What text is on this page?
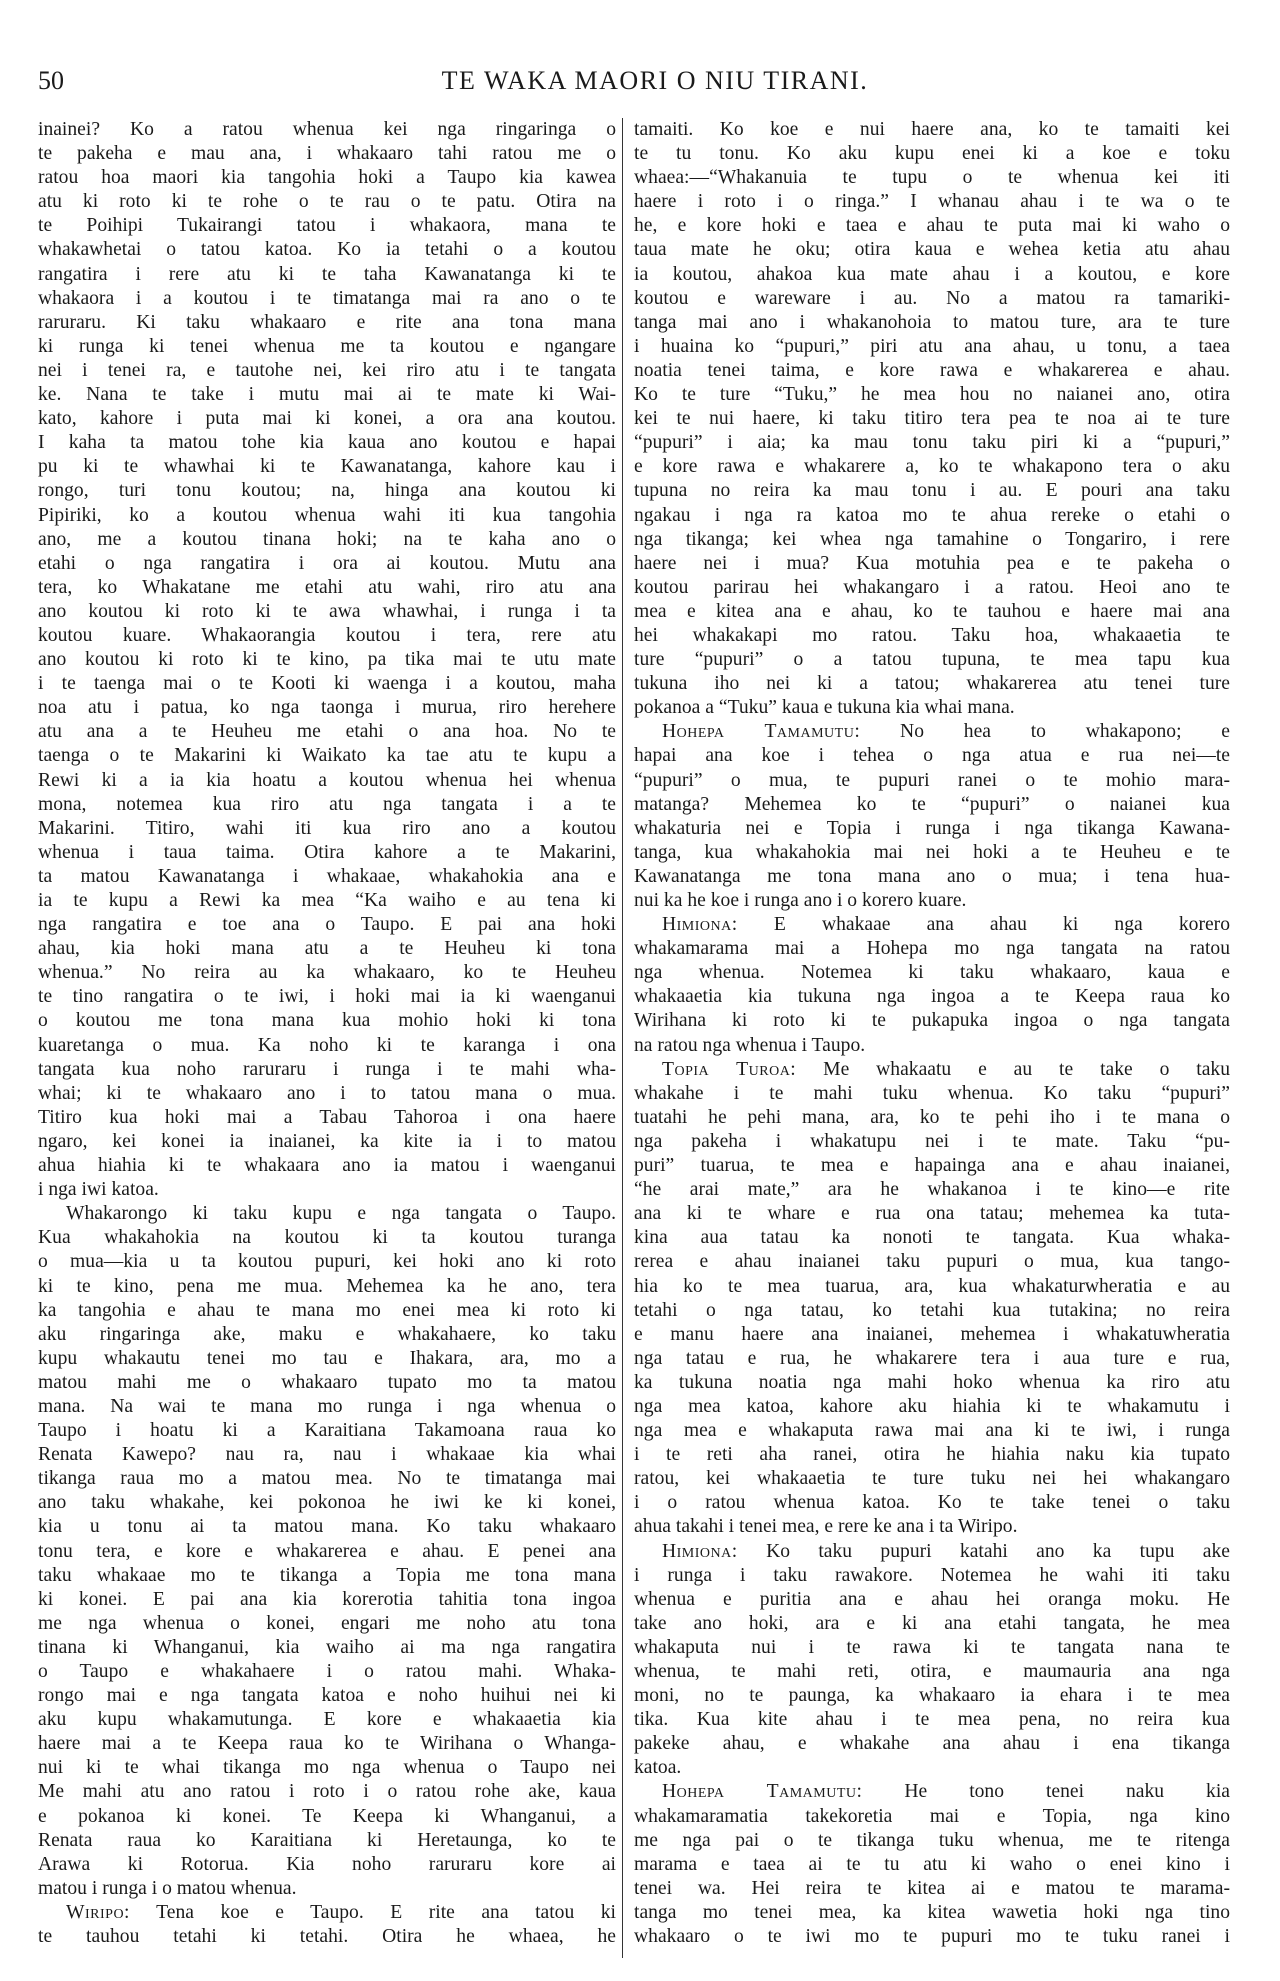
50	TE WAKA MAORI O NIU TIRANI.
inainei? Ko a ratou whenua kei nga ringaringa o
te pakeha e mau ana, i whakaaro tahi ratou me o
ratou hoa maori kia tangohia hoki a Taupo kia kawea
atu ki roto ki te rohe o te rau o te patu. Otira na
te Poihipi Tukairangi tatou i whakaora, mana te
whakawhetai o tatou katoa. Ko ia tetahi o a koutou
rangatira i rere atu ki te taha Kawanatanga ki te
whakaora i a koutou i te timatanga mai ra ano o te
raruraru. Ki taku whakaaro e rite ana tona mana
ki runga ki tenei whenua me ta koutou e ngangare
nei i tenei ra, e tautohe nei, kei riro atu i te tangata
ke. Nana te take i mutu mai ai te mate ki Wai-
kato, kahore i puta mai ki konei, a ora ana koutou.
I kaha ta matou tohe kia kaua ano koutou e hapai
pu ki te whawhai ki te Kawanatanga, kahore kau i
rongo, turi tonu koutou; na, hinga ana koutou ki
Pipiriki, ko a koutou whenua wahi iti kua tangohia
ano, me a koutou tinana hoki; na te kaha ano o
etahi o nga rangatira i ora ai koutou. Mutu ana
tera, ko Whakatane me etahi atu wahi, riro atu ana
ano koutou ki roto ki te awa whawhai, i runga i ta
koutou kuare. Whakaorangia koutou i tera, rere atu
ano koutou ki roto ki te kino, pa tika mai te utu mate
i te taenga mai o te Kooti ki waenga i a koutou, maha
noa atu i patua, ko nga taonga i murua, riro herehere
atu ana a te Heuheu me etahi o ana hoa. No te
taenga o te Makarini ki Waikato ka tae atu te kupu a
Rewi ki a ia kia hoatu a koutou whenua hei whenua
mona, notemea kua riro atu nga tangata i a te
Makarini. Titiro, wahi iti kua riro ano a koutou
whenua i taua taima. Otira kahore a te Makarini,
ta matou Kawanatanga i whakaae, whakahokia ana e
ia te kupu a Rewi ka mea “Ka waiho e au tena ki
nga rangatira e toe ana o Taupo. E pai ana hoki
ahau, kia hoki mana atu a te Heuheu ki tona
whenua.” No reira au ka whakaaro, ko te Heuheu
te tino rangatira o te iwi, i hoki mai ia ki waenganui
o koutou me tona mana kua mohio hoki ki tona
kuaretanga o mua. Ka noho ki te karanga i ona
tangata kua noho raruraru i runga i te mahi wha-
whai; ki te whakaaro ano i to tatou mana o mua.
Titiro kua hoki mai a Tabau Tahoroa i ona haere
ngaro, kei konei ia inaianei, ka kite ia i to matou
ahua hiahia ki te whakaara ano ia matou i waenganui
i nga iwi katoa.
Whakarongo ki taku kupu e nga tangata o Taupo.
Kua whakahokia na koutou ki ta koutou turanga
o mua—kia u ta koutou pupuri, kei hoki ano ki roto
ki te kino, pena me mua. Mehemea ka he ano, tera
ka tangohia e ahau te mana mo enei mea ki roto ki
aku ringaringa ake, maku e whakahaere, ko taku
kupu whakautu tenei mo tau e Ihakara, ara, mo a
matou mahi me o whakaaro tupato mo ta matou
mana. Na wai te mana mo runga i nga whenua o
Taupo i hoatu ki a Karaitiana Takamoana raua ko
Renata Kawepo? nau ra, nau i whakaae kia whai
tikanga raua mo a matou mea. No te timatanga mai
ano taku whakahe, kei pokonoa he iwi ke ki konei,
kia u tonu ai ta matou mana. Ko taku whakaaro
tonu tera, e kore e whakarerea e ahau. E penei ana
taku whakaae mo te tikanga a Topia me tona mana
ki konei. E pai ana kia korerotia tahitia tona ingoa
me nga whenua o konei, engari me noho atu tona
tinana ki Whanganui, kia waiho ai ma nga rangatira
o Taupo e whakahaere i o ratou mahi. Whaka-
rongo mai e nga tangata katoa e noho huihui nei ki
aku kupu whakamutunga. E kore e whakaaetia kia
haere mai a te Keepa raua ko te Wirihana o Whanga-
nui ki te whai tikanga mo nga whenua o Taupo nei
Me mahi atu ano ratou i roto i o ratou rohe ake, kaua
e pokanoa ki konei. Te Keepa ki Whanganui, a
Renata raua ko Karaitiana ki Heretaunga, ko te
Arawa ki Rotorua. Kia noho raruraru kore ai
matou i runga i o matou whenua.
Wiripo: Tena koe e Taupo. E rite ana tatou ki
te tauhou tetahi ki tetahi. Otira he whaea, he
tamaiti. Ko koe e nui haere ana, ko te tamaiti kei
te tu tonu. Ko aku kupu enei ki a koe e toku
whaea:—“Whakanuia te tupu o te whenua kei iti
haere i roto i o ringa.” I whanau ahau i te wa o te
he, e kore hoki e taea e ahau te puta mai ki waho o
taua mate he oku; otira kaua e wehea ketia atu ahau
ia koutou, ahakoa kua mate ahau i a koutou, e kore
koutou e wareware i au. No a matou ra tamariki-
tanga mai ano i whakanohoia to matou ture, ara te ture
i huaina ko “pupuri,” piri atu ana ahau, u tonu, a taea
noatia tenei taima, e kore rawa e whakarerea e ahau.
Ko te ture “Tuku,” he mea hou no naianei ano, otira
kei te nui haere, ki taku titiro tera pea te noa ai te ture
“pupuri” i aia; ka mau tonu taku piri ki a “pupuri,”
e kore rawa e whakarere a, ko te whakapono tera o aku
tupuna no reira ka mau tonu i au. E pouri ana taku
ngakau i nga ra katoa mo te ahua rereke o etahi o
nga tikanga; kei whea nga tamahine o Tongariro, i rere
haere nei i mua? Kua motuhia pea e te pakeha o
koutou parirau hei whakangaro i a ratou. Heoi ano te
mea e kitea ana e ahau, ko te tauhou e haere mai ana
hei whakakapi mo ratou. Taku hoa, whakaaetia te
ture “pupuri” o a tatou tupuna, te mea tapu kua
tukuna iho nei ki a tatou; whakarerea atu tenei ture
pokanoa a “Tuku” kaua e tukuna kia whai mana.
Hohepa Tamamutu: No hea to whakapono; e
hapai ana koe i tehea o nga atua e rua nei—te
“pupuri” o mua, te pupuri ranei o te mohio mara-
matanga? Mehemea ko te “pupuri” o naianei kua
whakaturia nei e Topia i runga i nga tikanga Kawana-
tanga, kua whakahokia mai nei hoki a te Heuheu e te
Kawanatanga me tona mana ano o mua; i tena hua-
nui ka he koe i runga ano i o korero kuare.
Himiona: E whakaae ana ahau ki nga korero
whakamarama mai a Hohepa mo nga tangata na ratou
nga whenua. Notemea ki taku whakaaro, kaua e
whakaaetia kia tukuna nga ingoa a te Keepa raua ko
Wirihana ki roto ki te pukapuka ingoa o nga tangata
na ratou nga whenua i Taupo.
Topia Turoa: Me whakaatu e au te take o taku
whakahe i te mahi tuku whenua. Ko taku “pupuri”
tuatahi he pehi mana, ara, ko te pehi iho i te mana o
nga pakeha i whakatupu nei i te mate. Taku “pu-
puri” tuarua, te mea e hapainga ana e ahau inaianei,
“he arai mate,” ara he whakanoa i te kino—e rite
ana ki te whare e rua ona tatau; mehemea ka tuta-
kina aua tatau ka nonoti te tangata. Kua whaka-
rerea e ahau inaianei taku pupuri o mua, kua tango-
hia ko te mea tuarua, ara, kua whakaturwheratia e au
tetahi o nga tatau, ko tetahi kua tutakina; no reira
e manu haere ana inaianei, mehemea i whakatuwheratia
nga tatau e rua, he whakarere tera i aua ture e rua,
ka tukuna noatia nga mahi hoko whenua ka riro atu
nga mea katoa, kahore aku hiahia ki te whakamutu i
nga mea e whakaputa rawa mai ana ki te iwi, i runga
i te reti aha ranei, otira he hiahia naku kia tupato
ratou, kei whakaaetia te ture tuku nei hei whakangaro
i o ratou whenua katoa. Ko te take tenei o taku
ahua takahi i tenei mea, e rere ke ana i ta Wiripo.
Himiona: Ko taku pupuri katahi ano ka tupu ake
i runga i taku rawakore. Notemea he wahi iti taku
whenua e puritia ana e ahau hei oranga moku. He
take ano hoki, ara e ki ana etahi tangata, he mea
whakaputa nui i te rawa ki te tangata nana te
whenua, te mahi reti, otira, e maumauria ana nga
moni, no te paunga, ka whakaaro ia ehara i te mea
tika. Kua kite ahau i te mea pena, no reira kua
pakeke ahau, e whakahe ana ahau i ena tikanga
katoa.
Hohepa Tamamutu: He tono tenei naku kia
whakamaramatia takekoretia mai e Topia, nga kino
me nga pai o te tikanga tuku whenua, me te ritenga
marama e taea ai te tu atu ki waho o enei kino i
tenei wa. Hei reira te kitea ai e matou te marama-
tanga mo tenei mea, ka kitea wawetia hoki nga tino
whakaaro o te iwi mo te pupuri mo te tuku ranei i
